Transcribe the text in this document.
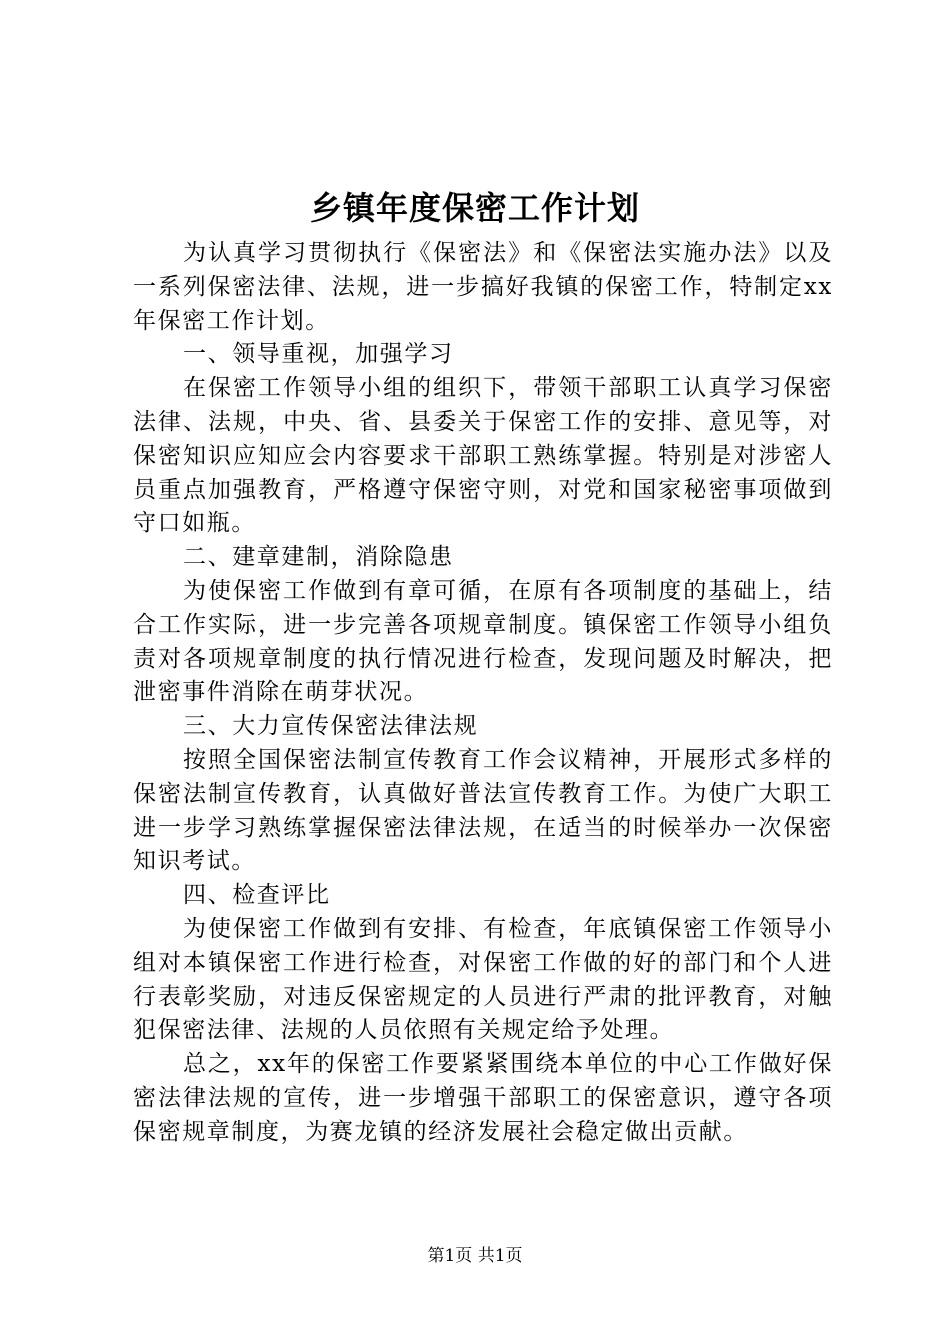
乡镇年度保密工作计划

为认真学习贯彻执行《保密法》和《保密法实施办法》以及一系列保密法律、法规，进一步搞好我镇的保密工作，特制定xx年保密工作计划。

一、领导重视，加强学习

在保密工作领导小组的组织下，带领干部职工认真学习保密法律、法规，中央、省、县委关于保密工作的安排、意见等，对保密知识应知应会内容要求干部职工熟练掌握。特别是对涉密人员重点加强教育，严格遵守保密守则，对党和国家秘密事项做到守口如瓶。

二、建章建制，消除隐患

为使保密工作做到有章可循，在原有各项制度的基础上，结合工作实际，进一步完善各项规章制度。镇保密工作领导小组负责对各项规章制度的执行情况进行检查，发现问题及时解决，把泄密事件消除在萌芽状况。

三、大力宣传保密法律法规

按照全国保密法制宣传教育工作会议精神，开展形式多样的保密法制宣传教育，认真做好普法宣传教育工作。为使广大职工进一步学习熟练掌握保密法律法规，在适当的时候举办一次保密知识考试。

四、检查评比

为使保密工作做到有安排、有检查，年底镇保密工作领导小组对本镇保密工作进行检查，对保密工作做的好的部门和个人进行表彰奖励，对违反保密规定的人员进行严肃的批评教育，对触犯保密法律、法规的人员依照有关规定给予处理。

总之，xx年的保密工作要紧紧围绕本单位的中心工作做好保密法律法规的宣传，进一步增强干部职工的保密意识，遵守各项保密规章制度，为赛龙镇的经济发展社会稳定做出贡献。

第1页 共1页
